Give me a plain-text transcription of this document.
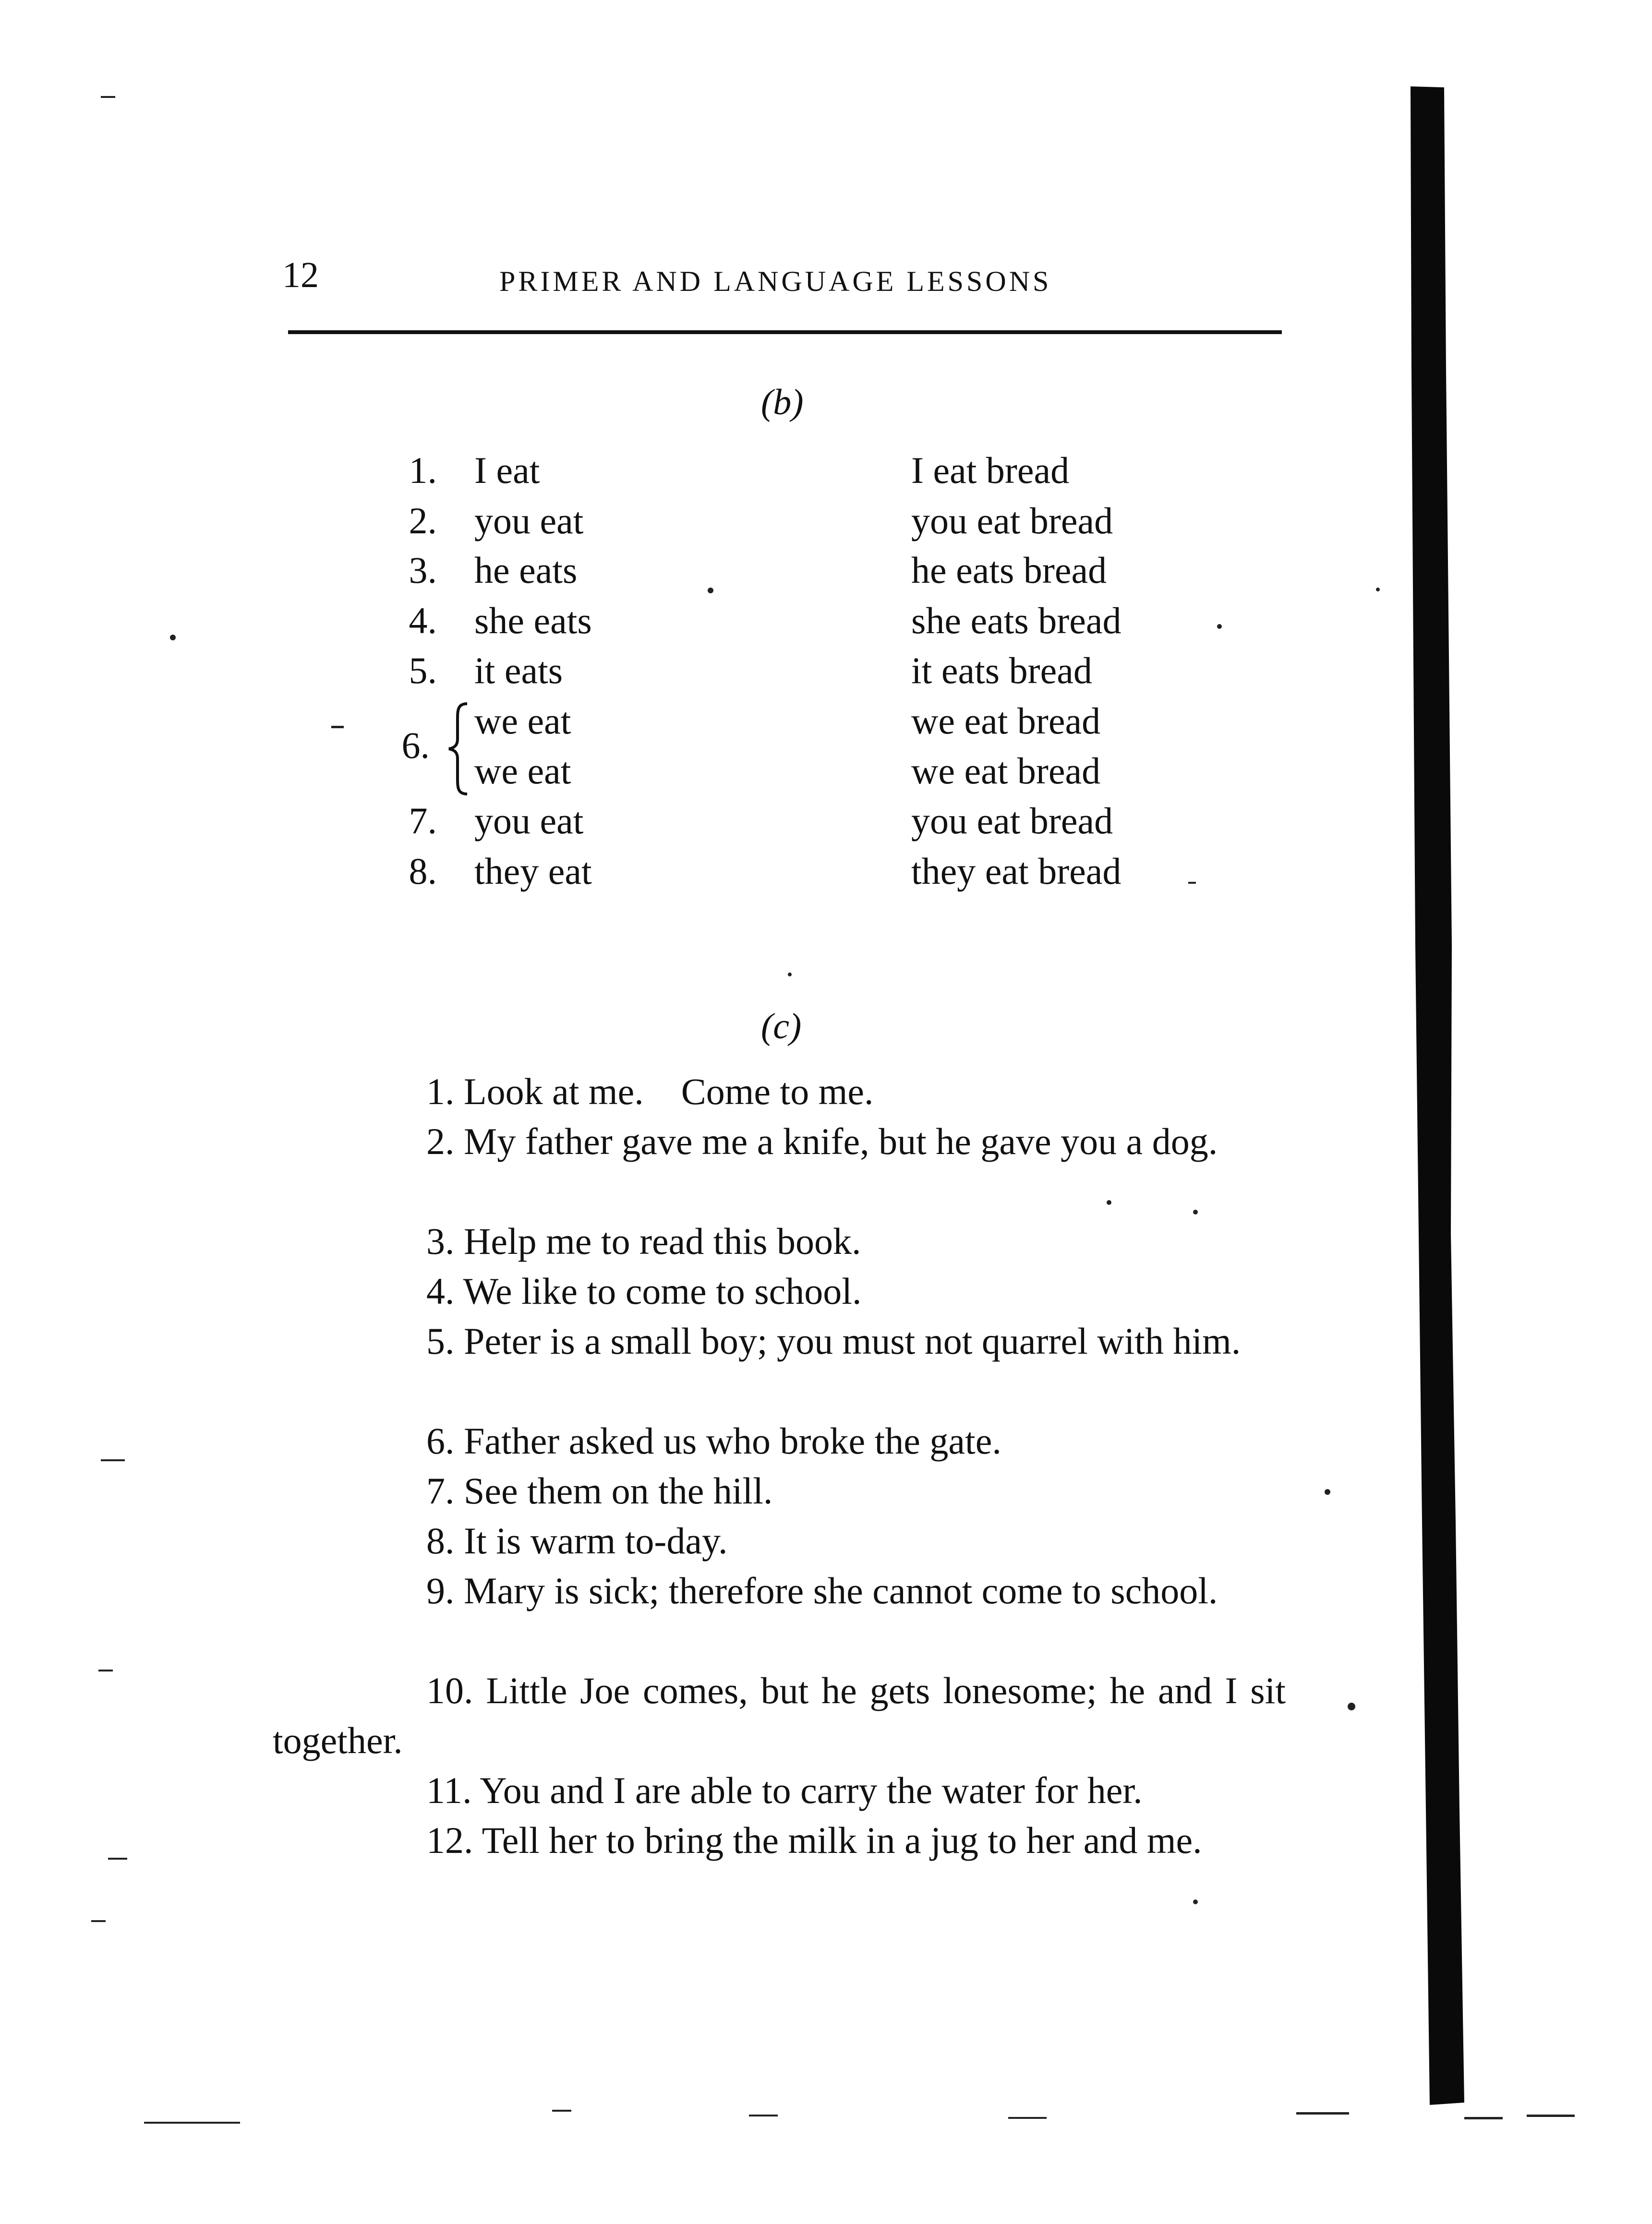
12	PRIMER AND LANGUAGE LESSONS
(b)
1. I eat	I eat bread
2. you eat	you eat bread
3. he eats	he eats bread
4. she eats	she eats bread
5. it eats	it eats bread
6.
we eat	we eat bread
we eat	we eat bread
7. you eat	you eat bread
8. they eat	they eat bread
(c)

1. Look at me. Come to me.

2. My father gave me a knife, but he gave you a dog.

3. Help me to read this book.

4. We like to come to school.

5. Peter is a small boy; you must not quarrel with him.

6. Father asked us who broke the gate.

7. See them on the hill.

8. It is warm to-day.

9. Mary is sick; therefore she cannot come to school.

10. Little Joe comes, but he gets lonesome; he and I sit together.

11. You and I are able to carry the water for her.

12. Tell her to bring the milk in a jug to her and me.
